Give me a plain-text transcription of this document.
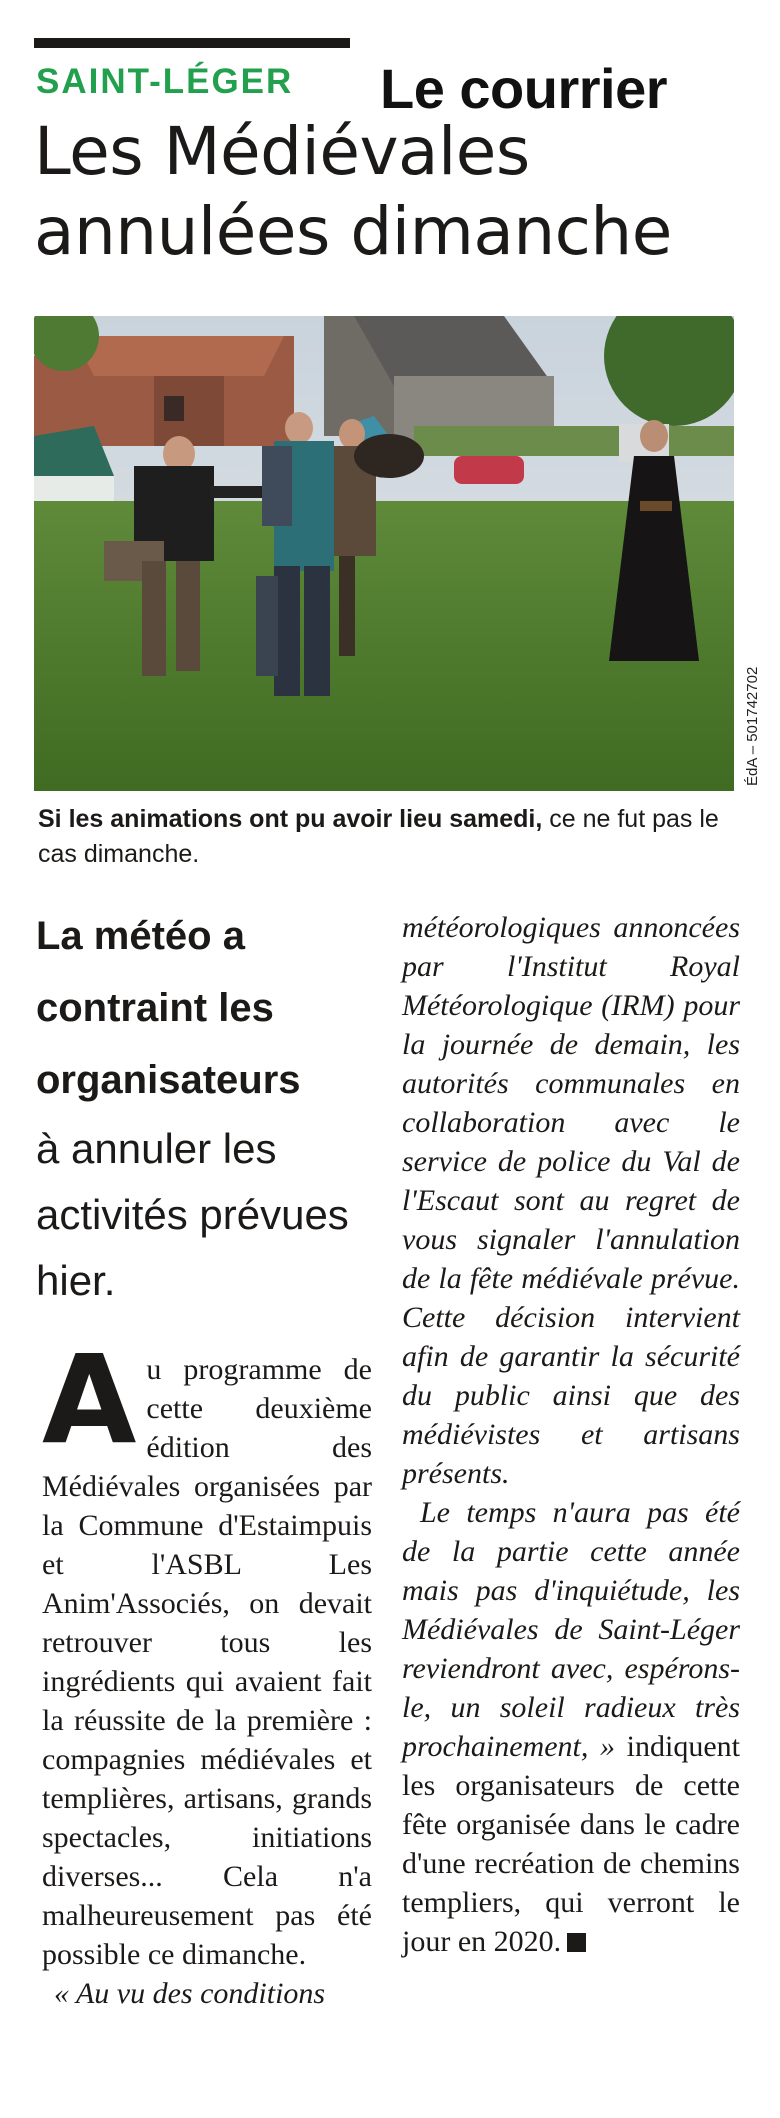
SAINT-LÉGER Le courrier
Les Médiévales annulées dimanche
ÉdA – 501742702
Si les animations ont pu avoir lieu samedi, ce ne fut pas le cas dimanche.
La météo a contraint les organisateurs
à annuler les activités prévues hier.
A u programme de cette deuxième édition des Médiévales organisées par la Commune d'Estaimpuis et l'ASBL Les Anim'Associés, on devait retrouver tous les ingrédients qui avaient fait la réussite de la première : compagnies médiévales et templières, artisans, grands spectacles, initiations diverses... Cela n'a malheureusement pas été possible ce dimanche.

« Au vu des conditions

météorologiques annoncées par l'Institut Royal Météorologique (IRM) pour la journée de demain, les autorités communales en collaboration avec le service de police du Val de l'Escaut sont au regret de vous signaler l'annulation de la fête médiévale prévue. Cette décision intervient afin de garantir la sécurité du public ainsi que des médiévistes et artisans présents.

Le temps n'aura pas été de la partie cette année mais pas d'inquiétude, les Médiévales de Saint-Léger reviendront avec, espérons-le, un soleil radieux très prochainement, » indiquent les organisateurs de cette fête organisée dans le cadre d'une recréation de chemins templiers, qui verront le jour en 2020.
